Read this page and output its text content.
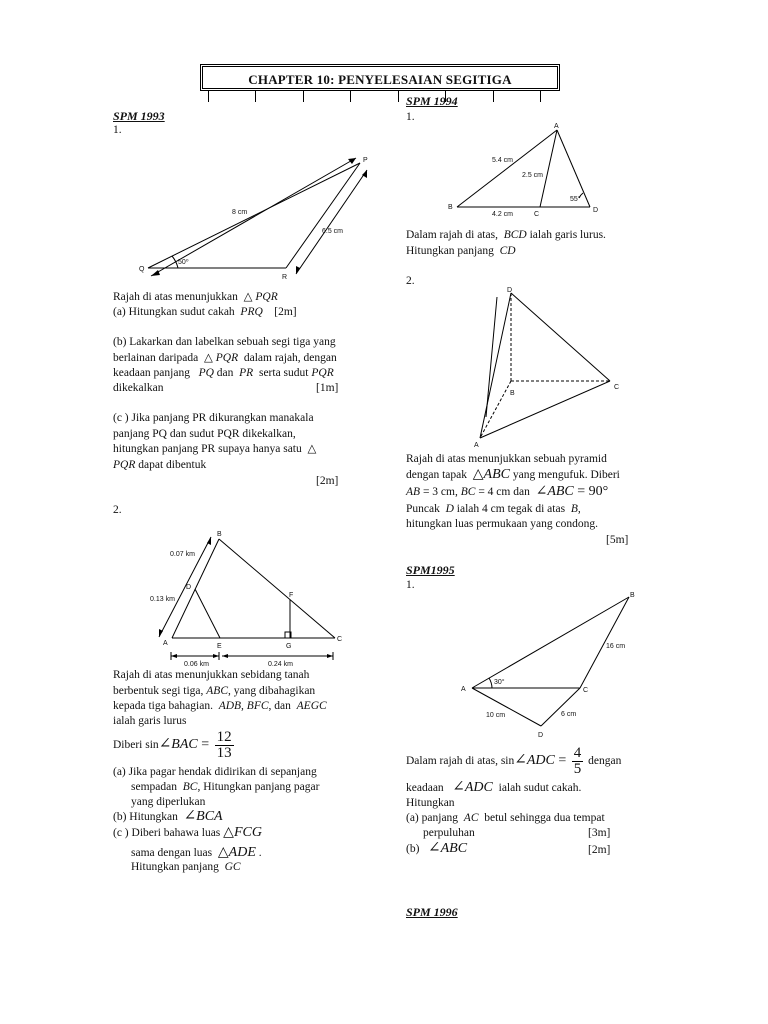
CHAPTER 10: PENYELESAIAN SEGITIGA
SPM 1993
1.
P
Q
R
8 cm
6.5 cm
50⁰
Rajah di atas menunjukkan  △ PQR
(a) Hitungkan sudut cakah PRQ [2m]
(b) Lakarkan dan labelkan sebuah segi tiga yang
berlainan daripada  △ PQR dalam rajah, dengan
keadaan panjang PQ dan PR serta sudut PQR
dikekalkan	[1m]
(c ) Jika panjang PR dikurangkan manakala
panjang PQ dan sudut PQR dikekalkan,
hitungkan panjang PR supaya hanya satu  △
PQR dapat dibentuk
[2m]
2.
B
A
C
D
E
F
G
0.07 km
0.13 km
0.06 km	0.24 km
Rajah di atas menunjukkan sebidang tanah
berbentuk segi tiga, ABC, yang dibahagikan
kepada tiga bahagian. ADB, BFC, dan AEGC
ialah garis lurus
Diberi sin∠BAC = $\frac{12}{13}$
(a) Jika pagar hendak didirikan di sepanjang
sempadan BC, Hitungkan panjang pagar
yang diperlukan
(b) Hitungkan ∠BCA
(c ) Diberi bahawa luas △FCG
sama dengan luas △ADE .
Hitungkan panjang GC
SPM 1994
1.
A
B
C
D
5.4 cm
2.5 cm
4.2 cm
55°
Dalam rajah di atas, BCD ialah garis lurus.
Hitungkan panjang CD
2.
D
A
B
C
Rajah di atas menunjukkan sebuah pyramid
dengan tapak △ABC yang mengufuk. Diberi
AB = 3 cm, BC = 4 cm dan ∠ABC = 90°
Puncak D ialah 4 cm tegak di atas B,
hitungkan luas permukaan yang condong.
[5m]
SPM1995
1.
A
B
C
D
16 cm
10 cm	6 cm
30°
Dalam rajah di atas, sin∠ADC = $\frac{4}{5}$ dengan
keadaan ∠ADC ialah sudut cakah.
Hitungkan
(a) panjang AC betul sehingga dua tempat
perpuluhan	[3m]
(b) ∠ABC	[2m]
SPM 1996
